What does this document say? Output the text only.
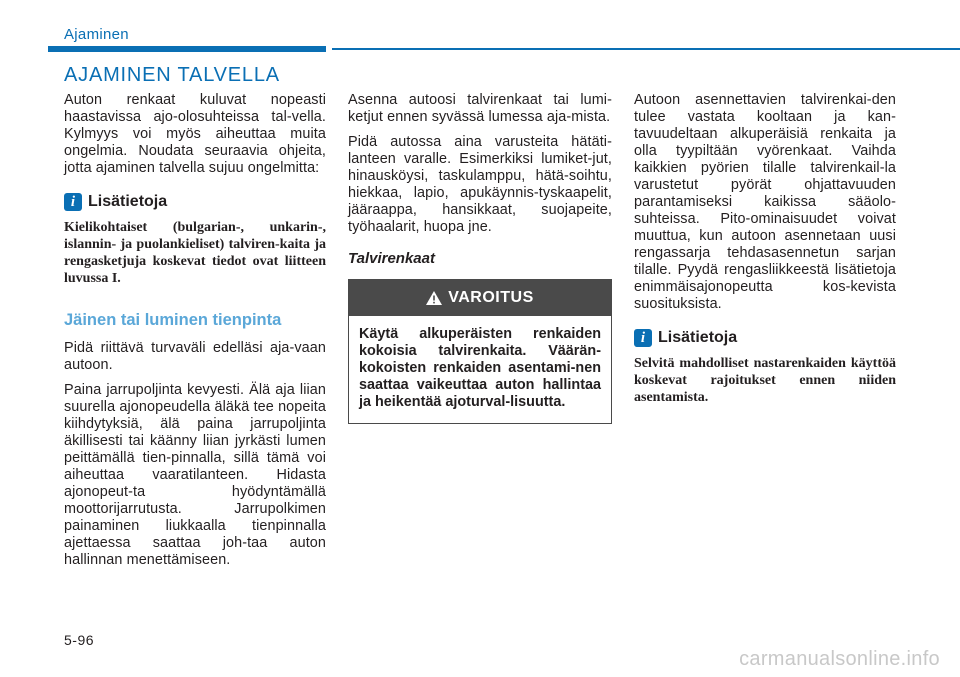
Ajaminen
AJAMINEN TALVELLA

Auton renkaat kuluvat nopeasti haastavissa ajo-olosuhteissa tal-vella. Kylmyys voi myös aiheuttaa muita ongelmia. Noudata seuraavia ohjeita, jotta ajaminen talvella sujuu ongelmitta:

i Lisätietoja

Kielikohtaiset (bulgarian-, unkarin-, islannin- ja puolankieliset) talviren-kaita ja rengasketjuja koskevat tiedot ovat liitteen luvussa I.

Jäinen tai luminen tienpinta

Pidä riittävä turvaväli edelläsi aja-vaan autoon.

Paina jarrupoljinta kevyesti. Älä aja liian suurella ajonopeudella äläkä tee nopeita kiihdytyksiä, älä paina jarrupoljinta äkillisesti tai käänny liian jyrkästi lumen peittämällä tien-pinnalla, sillä tämä voi aiheuttaa vaaratilanteen. Hidasta ajonopeut-ta hyödyntämällä moottorijarrutusta. Jarrupolkimen painaminen liukkaalla tienpinnalla ajettaessa saattaa joh-taa auton hallinnan menettämiseen.

Asenna autoosi talvirenkaat tai lumi-ketjut ennen syvässä lumessa aja-mista.

Pidä autossa aina varusteita hätäti-lanteen varalle. Esimerkiksi lumiket-jut, hinausköysi, taskulamppu, hätä-soihtu, hiekkaa, lapio, apukäynnis-tyskaapelit, jääraappa, hansikkaat, suojapeite, työhaalarit, huopa jne.

Talvirenkaat
VAROITUS
Käytä alkuperäisten renkaiden kokoisia talvirenkaita. Väärän-kokoisten renkaiden asentami-nen saattaa vaikeuttaa auton hallintaa ja heikentää ajoturval-lisuutta.

Autoon asennettavien talvirenkai-den tulee vastata kooltaan ja kan-tavuudeltaan alkuperäisiä renkaita ja olla tyypiltään vyörenkaat. Vaihda kaikkien pyörien tilalle talvirenkail-la varustetut pyörät ohjattavuuden parantamiseksi kaikissa sääolo-suhteissa. Pito-ominaisuudet voivat muuttua, kun autoon asennetaan uusi rengassarja tehdasasennetun sarjan tilalle. Pyydä rengasliikkeestä lisätietoja enimmäisajonopeutta kos-kevista suosituksista.

i Lisätietoja

Selvitä mahdolliset nastarenkaiden käyttöä koskevat rajoitukset ennen niiden asentamista.

5-96
carmanualsonline.info
